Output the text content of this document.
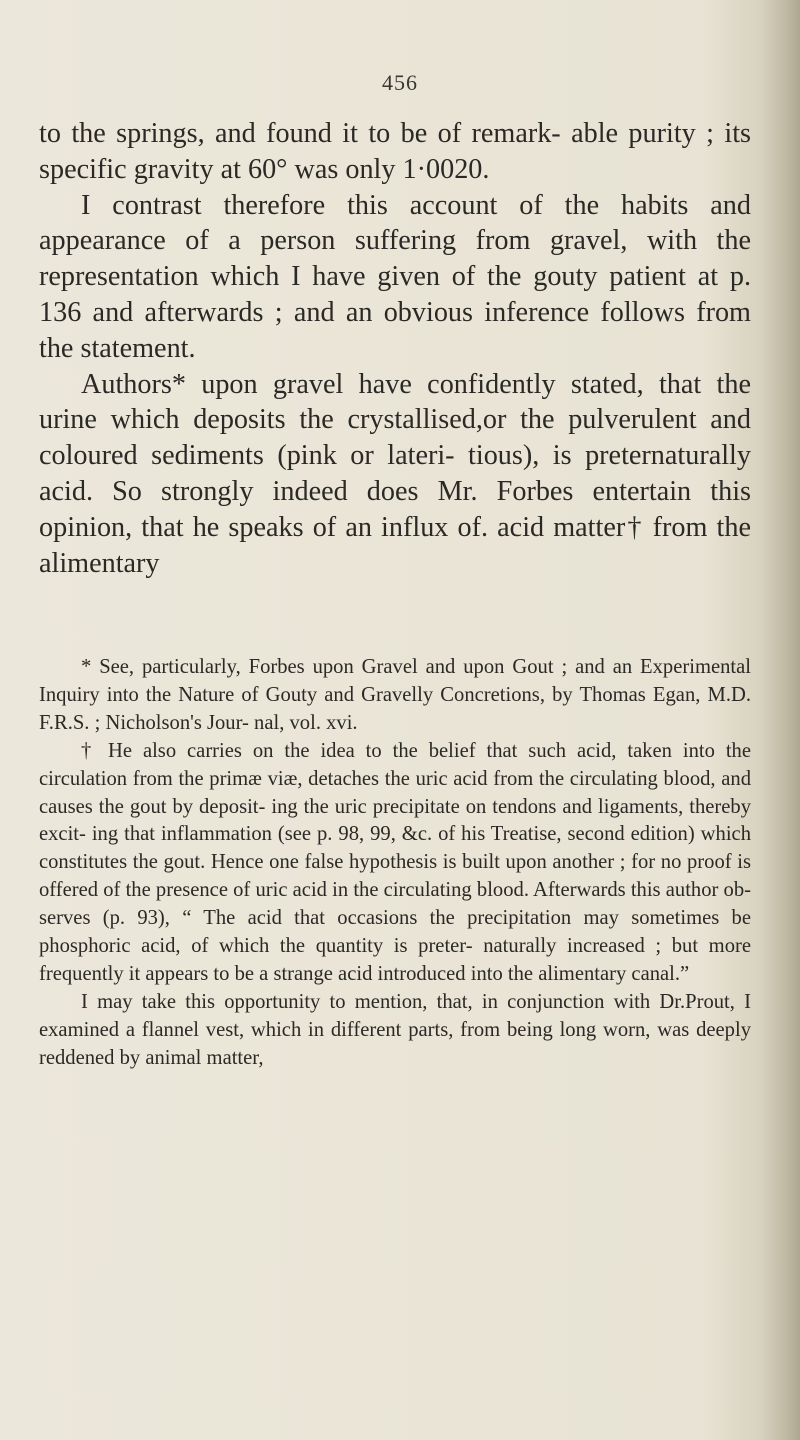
456

to the springs, and found it to be of remark- able purity ; its specific gravity at 60° was only 1·0020.

I contrast therefore this account of the habits and appearance of a person suffering from gravel, with the representation which I have given of the gouty patient at p. 136 and afterwards ; and an obvious inference follows from the statement.

Authors* upon gravel have confidently stated, that the urine which deposits the crystallised,or the pulverulent and coloured sediments (pink or lateri- tious), is preternaturally acid. So strongly indeed does Mr. Forbes entertain this opinion, that he speaks of an influx of. acid matter† from the alimentary

* See, particularly, Forbes upon Gravel and upon Gout ; and an Experimental Inquiry into the Nature of Gouty and Gravelly Concretions, by Thomas Egan, M.D. F.R.S. ; Nicholson's Jour- nal, vol. xvi.

† He also carries on the idea to the belief that such acid, taken into the circulation from the primæ viæ, detaches the uric acid from the circulating blood, and causes the gout by deposit- ing the uric precipitate on tendons and ligaments, thereby excit- ing that inflammation (see p. 98, 99, &c. of his Treatise, second edition) which constitutes the gout. Hence one false hypothesis is built upon another ; for no proof is offered of the presence of uric acid in the circulating blood. Afterwards this author ob- serves (p. 93), “ The acid that occasions the precipitation may sometimes be phosphoric acid, of which the quantity is preter- naturally increased ; but more frequently it appears to be a strange acid introduced into the alimentary canal.”

I may take this opportunity to mention, that, in conjunction with Dr.Prout, I examined a flannel vest, which in different parts, from being long worn, was deeply reddened by animal matter,
